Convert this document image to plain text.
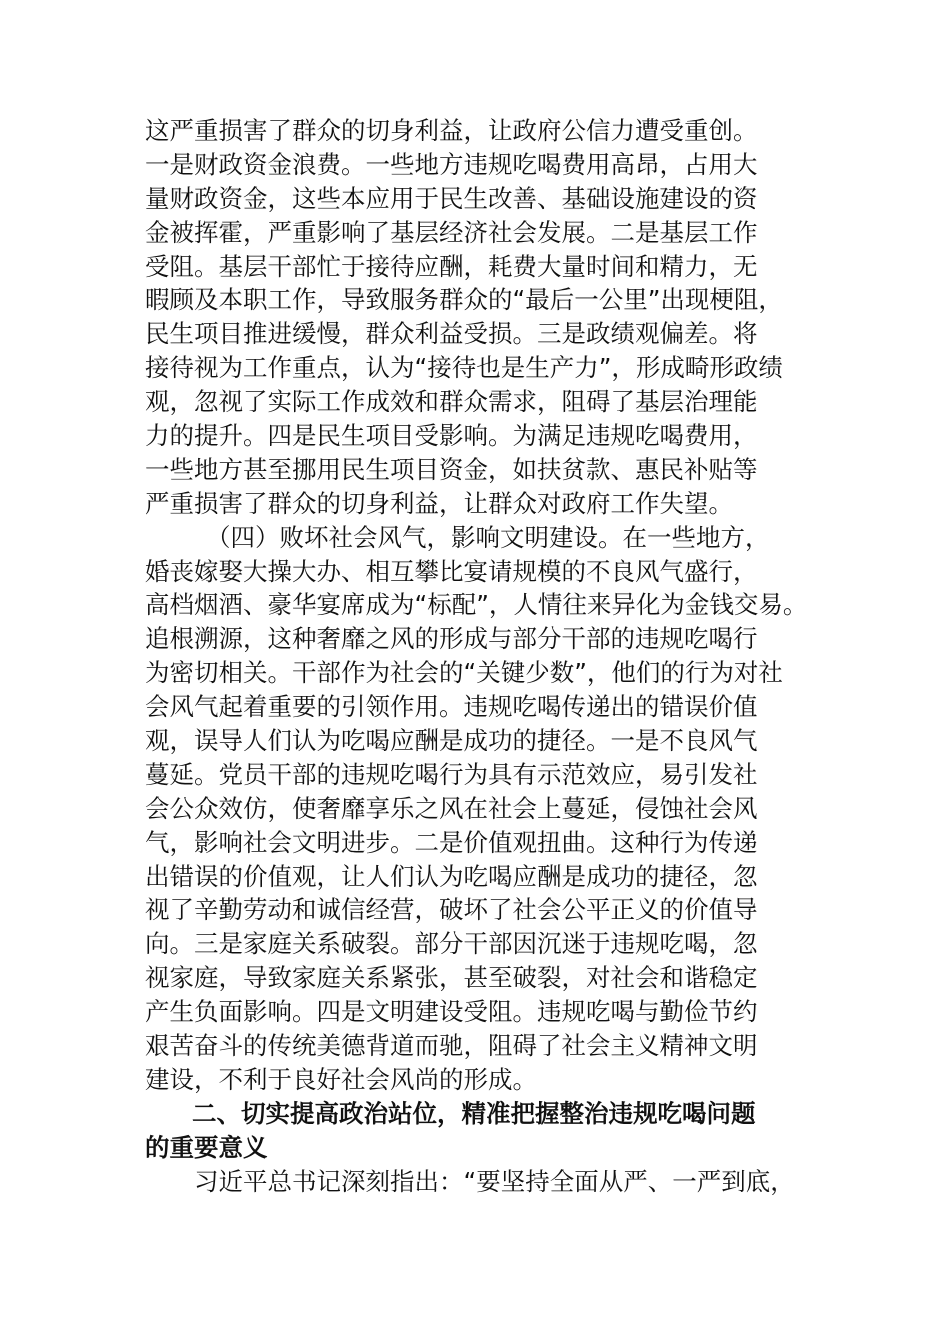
这严重损害了群众的切身利益，让政府公信力遭受重创。
一是财政资金浪费。一些地方违规吃喝费用高昂，占用大
量财政资金，这些本应用于民生改善、基础设施建设的资
金被挥霍，严重影响了基层经济社会发展。二是基层工作
受阻。基层干部忙于接待应酬，耗费大量时间和精力，无
暇顾及本职工作，导致服务群众的“最后一公里”出现梗阻，
民生项目推进缓慢，群众利益受损。三是政绩观偏差。将
接待视为工作重点，认为“接待也是生产力”，形成畸形政绩
观，忽视了实际工作成效和群众需求，阻碍了基层治理能
力的提升。四是民生项目受影响。为满足违规吃喝费用，
一些地方甚至挪用民生项目资金，如扶贫款、惠民补贴等
严重损害了群众的切身利益，让群众对政府工作失望。
（四）败坏社会风气，影响文明建设。在一些地方，
婚丧嫁娶大操大办、相互攀比宴请规模的不良风气盛行，
高档烟酒、豪华宴席成为“标配”，人情往来异化为金钱交易。
追根溯源，这种奢靡之风的形成与部分干部的违规吃喝行
为密切相关。干部作为社会的“关键少数”，他们的行为对社
会风气起着重要的引领作用。违规吃喝传递出的错误价值
观，误导人们认为吃喝应酬是成功的捷径。一是不良风气
蔓延。党员干部的违规吃喝行为具有示范效应，易引发社
会公众效仿，使奢靡享乐之风在社会上蔓延，侵蚀社会风
气，影响社会文明进步。二是价值观扭曲。这种行为传递
出错误的价值观，让人们认为吃喝应酬是成功的捷径，忽
视了辛勤劳动和诚信经营，破坏了社会公平正义的价值导
向。三是家庭关系破裂。部分干部因沉迷于违规吃喝，忽
视家庭，导致家庭关系紧张，甚至破裂，对社会和谐稳定
产生负面影响。四是文明建设受阻。违规吃喝与勤俭节约
艰苦奋斗的传统美德背道而驰，阻碍了社会主义精神文明
建设，不利于良好社会风尚的形成。
二、切实提高政治站位，精准把握整治违规吃喝问题
的重要意义
习近平总书记深刻指出：“要坚持全面从严、一严到底，
